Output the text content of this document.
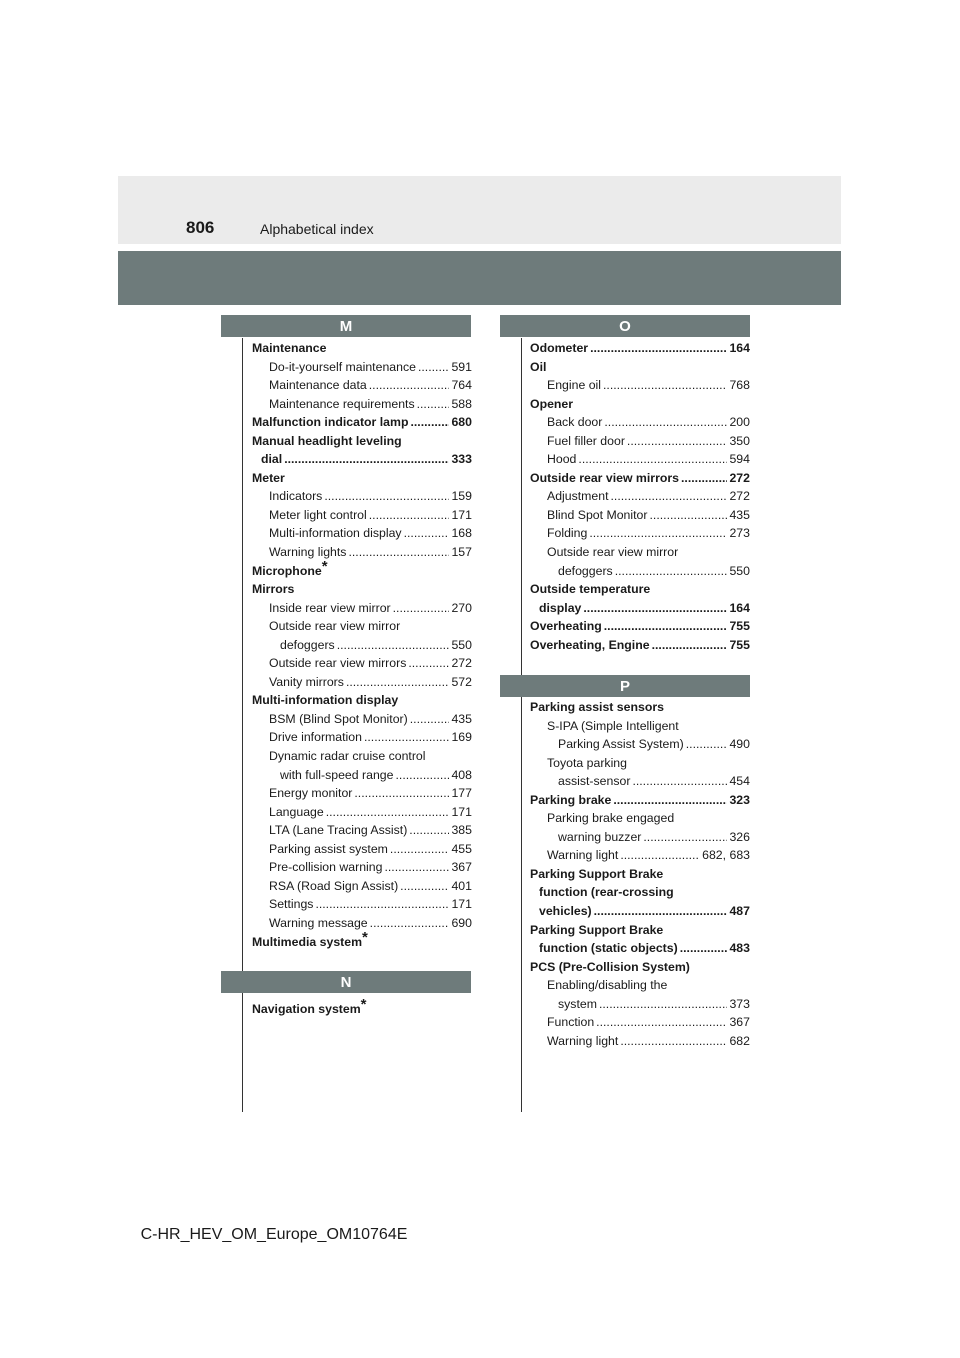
806	Alphabetical index
M
Maintenance
Do-it-yourself maintenance .....	591
Maintenance data .....	764
Maintenance requirements .....	588
Malfunction indicator lamp .....	680
Manual headlight leveling
dial .....	333
Meter
Indicators .....	159
Meter light control .....	171
Multi-information display .....	168
Warning lights .....	157
Microphone *
Mirrors
Inside rear view mirror .....	270
Outside rear view mirror
defoggers .....	550
Outside rear view mirrors .....	272
Vanity mirrors .....	572
Multi-information display
BSM (Blind Spot Monitor) .....	435
Drive information .....	169
Dynamic radar cruise control
with full-speed range .....	408
Energy monitor .....	177
Language .....	171
LTA (Lane Tracing Assist) .....	385
Parking assist system .....	455
Pre-collision warning .....	367
RSA (Road Sign Assist) .....	401
Settings .....	171
Warning message .....	690
Multimedia system *
N
Navigation system *
O
Odometer .....	164
Oil
Engine oil .....	768
Opener
Back door .....	200
Fuel filler door .....	350
Hood .....	594
Outside rear view mirrors .....	272
Adjustment .....	272
Blind Spot Monitor .....	435
Folding .....	273
Outside rear view mirror
defoggers .....	550
Outside temperature
display .....	164
Overheating .....	755
Overheating, Engine .....	755
P
Parking assist sensors
S-IPA (Simple Intelligent
Parking Assist System) .....	490
Toyota parking
assist-sensor .....	454
Parking brake .....	323
Parking brake engaged
warning buzzer .....	326
Warning light .....	682, 683
Parking Support Brake
function (rear-crossing
vehicles) .....	487
Parking Support Brake
function (static objects) .....	483
PCS (Pre-Collision System)
Enabling/disabling the
system .....	373
Function .....	367
Warning light .....	682
C-HR_HEV_OM_Europe_OM10764E
